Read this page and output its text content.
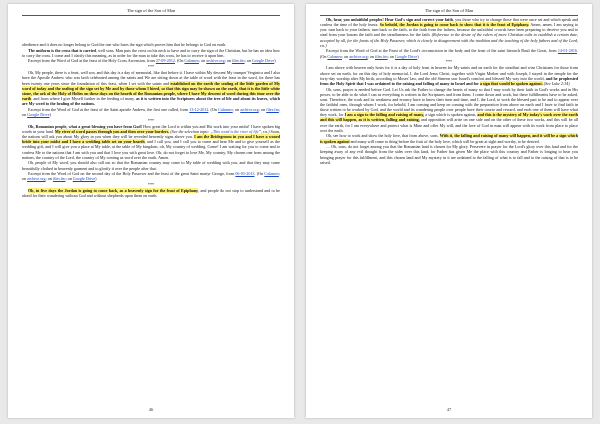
The sign of the Son of Man

obedience and it does no longer belong to God the one who loses the sign which proves him that he belongs to God on earth.

The uniform is the cross that is carried, well sons. Man puts the cross on his neck to have and to carry the sign of the Christian, but he has no idea how to carry the cross. I come and I clarify this meaning, as in order for the man to take this cross, he has to receive it upon him.

Excerpt from the Word of God at the feast of the Holy Cross Ascension, from 27-09-2012. (On Calameo; on archive.org; on files.fm; on Google Drive)

***

Oh, My people, there is a feast, well son, and this day is a day of memorial, like that before it. I have within My descent My trumpet Verginica and I also have the Apostle Andrew who was both celebrated among the saints and We are sitting down at the table of word with the feast in the word, for there has been twenty one years since the foundation of this feast, when I set with the saints and established on the earth the sealing of the little garden of My word of today and the sealing of the sign set by Me and by those whom I hired, so that this sign may be shown on the earth, that it is the little white stone, the ark of the Holy of Holies on these days on the hearth of the Romanian people, where I have My descent of word during this time over the earth, and from where I give Myself further in the feeding of many, as it is written into the Scriptures about the tree of life and about its leaves, which are My word to the healing of the nations.

Excerpt from the Word of God at the feast of the Saint apostle Andrew, the first one called, from 13-12-2012. (On Calameo; on archive.org; on files.fm; on Google Drive)

***

Oh, Romanian people, what a great blessing you have from God! How great the Lord is within you and His work into your midst! I have spoken big words in your land. My river of word passes through you and then over your borders. (See the selection topic: „This word is the river of life”, r.n.) Soon, the nations will ask you about My glory in you when they will be revealed heavenly signs above you. I am the Bridegroom in you and I have a wooed bride into your midst and I have a wedding table set on your hearth, and I call you, and I call you to come and hear Me and to give yourself as the wedding gift, and I will give you a place at My table, at the table of My kingdom, oh, My country of wedding. Come! I am waiting for you to come and to confess Me to the nations that I am with you and that I love you with great love. Oh, do not forget to love Me, My country, My chosen one from among the nations, the country of the Lord, the country of My coming as word over the earth. Amen.

Oh, people of My word, you should also call out so that the Romanian country may come to My table of wedding with you, and that they may come beautifully clothed in heavenly garment and to glorify it over the people after that.

Excerpt from the Word of God on the second day of the Holy Passover and the feast of the great Saint martyr George, from 06-05-2013. (On Calameo; on archive.org; on files.fm; on Google Drive)

***

Oh, in five days the Jordan is going to come back, as a heavenly sign for the feast of Epiphany, and people do not stop to understand and to be afraid for their wandering without God and without shepherds upon them on earth.

46
The sign of the Son of Man

Oh, hear, you unfaithful peoples! Hear God's sign and correct your faith, you those who try to change those that were once set and which speak and confess the time of the holy feasts. So behold, the Jordan is going to come back to show that it is the feast of Epiphany. Amen, amen, I am saying to you: turn back to your fathers; turn back to the faith, to the faith from the fathers, because the unfaithful crowds have been preparing to deceive you and to steal from your bosom the faith and the steadfastness for the faith. (Reference to the desire of the rulers of more Christian cults to establish a certain date, accepted by all, for the feasts of the Holy Passover, which is clearly in disagreement with the tradition and the teaching of the holy fathers and of the Lord, r.n.)

Excerpt from the Word of God at the Feast of the Lord's circumcision in the body and the feast of the saint hierarch Basil the Great, from 14-01-2016. (On Calameo; on archive.org; on files.fm; on Google Drive)

***

I am above with heaven only hosts for it is a day of holy feast in heaven for My saints and on earth for the steadfast and wise Christians for those from above set on earth, for on this day of holy memorial, I, the Lord Jesus Christ, together with Virgin Mother and with Joseph, I stayed in the temple for the forty-day worship after My birth, according to Moses' law, and the old Simeon saw Israel's comfort and blessed My way into the world, and he prophesied from the Holy Spirit that I was ordained to the raising and falling of many in Israel and for a sign that would be spoken against. (See Luke 2:34)

Oh, sons, prayer is needed before God. Let Us ask the Father to change the hearts of many so that I may work by their faith in God's works and in His power, to be able to do what I can as everything is written in the Scriptures and from them. I come down and work, but these fulfillments have to be asked, sons. Therefore, the work and its weakness and errancy have to know their time and time, and I, the Lord, to work the blessed part to be and to appear over the faithful ones, through whom I work, for behold, I am coming and keep on coming with the preparation from above on earth and I have to find faith in those written to be worked by God, and the world and its wandering people over people have their course and reward, and each one of them will have what they work, for I am a sign to the falling and raising of many, a sign which is spoken against, and this is the mystery of My today's work over the earth and this will happen, as it is written, falling and raising, and opposition will arise on one side and on the other of these two works, and this will be all over the earth, for I am everywhere and protect what is Mine and offer My will, and the love of God in man will appear with its work from place to place over the earth.

Oh, see how to work and show the holy love, that from above, sons. With it, the falling and raising of many will happen, and it will be a sign which is spoken against and many will come to thing before the fruit of the holy love, which will be great at sight and worthy, to be desired.

… Oh, sons, do not forget among you that the Romanian land is chosen for My glory. Persevere in prayer for the Lord's glory over this land and for the keeping away of any evil thought from the sides over this land, for Father has given Me the place with this country and Father is longing to hear you bringing prayer for this fulfillment, and this chosen land and My mystery in it are ordained to the falling of what is to fall and to the raising of that is to be raised.

47
